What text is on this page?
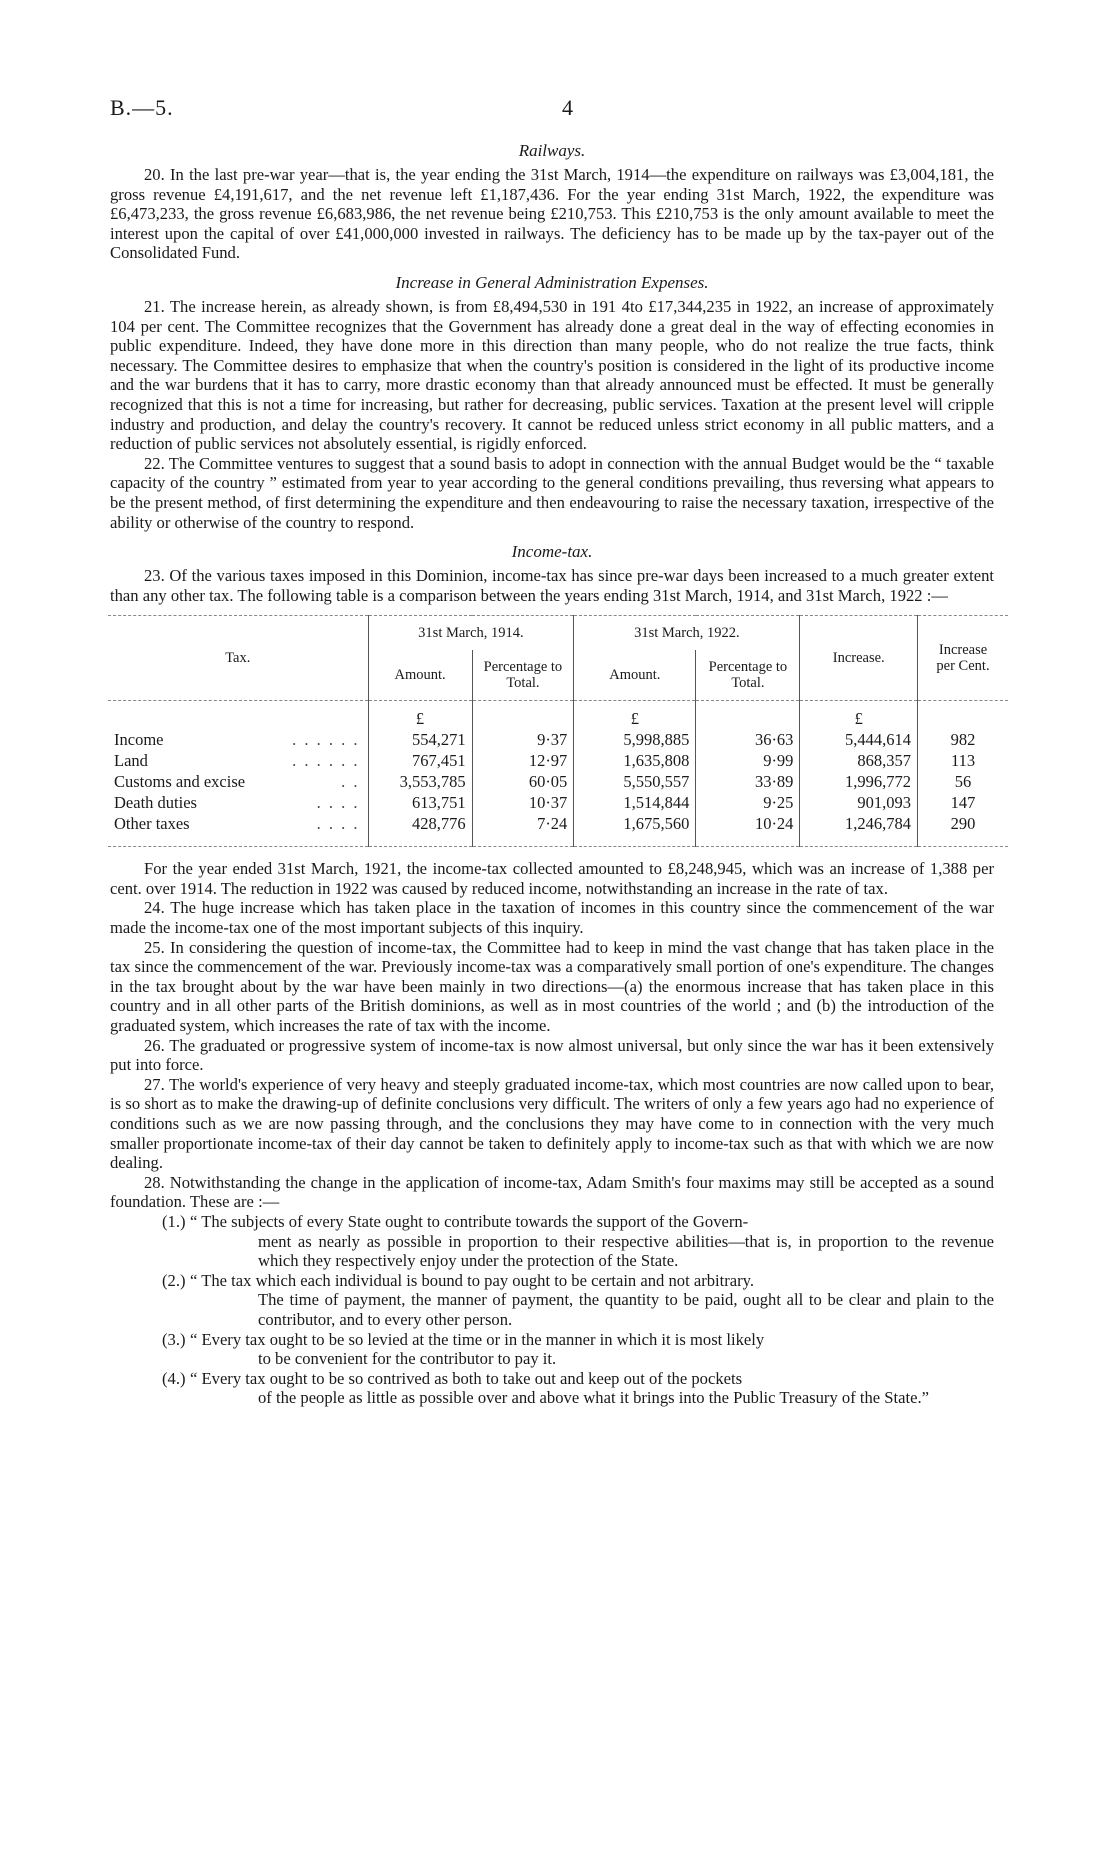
B.—5.	4
Railways.

20. In the last pre-war year—that is, the year ending the 31st March, 1914—the expenditure on railways was £3,004,181, the gross revenue £4,191,617, and the net revenue left £1,187,436. For the year ending 31st March, 1922, the expenditure was £6,473,233, the gross revenue £6,683,986, the net revenue being £210,753. This £210,753 is the only amount available to meet the interest upon the capital of over £41,000,000 invested in railways. The deficiency has to be made up by the tax-payer out of the Consolidated Fund.

Increase in General Administration Expenses.

21. The increase herein, as already shown, is from £8,494,530 in 191 4to £17,344,235 in 1922, an increase of approximately 104 per cent. The Committee recognizes that the Government has already done a great deal in the way of effecting economies in public expenditure. Indeed, they have done more in this direction than many people, who do not realize the true facts, think necessary. The Committee desires to emphasize that when the country's position is considered in the light of its productive income and the war burdens that it has to carry, more drastic economy than that already announced must be effected. It must be generally recognized that this is not a time for increasing, but rather for decreasing, public services. Taxation at the present level will cripple industry and production, and delay the country's recovery. It cannot be reduced unless strict economy in all public matters, and a reduction of public services not absolutely essential, is rigidly enforced.

22. The Committee ventures to suggest that a sound basis to adopt in connection with the annual Budget would be the “ taxable capacity of the country ” estimated from year to year according to the general conditions prevailing, thus reversing what appears to be the present method, of first determining the expenditure and then endeavouring to raise the necessary taxation, irrespective of the ability or otherwise of the country to respond.

Income-tax.

23. Of the various taxes imposed in this Dominion, income-tax has since pre-war days been increased to a much greater extent than any other tax. The following table is a comparison between the years ending 31st March, 1914, and 31st March, 1922 :—

Tax.	31st March, 1914.		31st March, 1922.		Increase.	Increase per Cent.
	Amount.	Percentage to Total.	Amount.	Percentage to Total.		
	£		£		£	
Income . . . . . .	554,271	9·37	5,998,885	36·63	5,444,614	982
Land . . . . . .	767,451	12·97	1,635,808	9·99	868,357	113
Customs and excise . .	3,553,785	60·05	5,550,557	33·89	1,996,772	56
Death duties . . . .	613,751	10·37	1,514,844	9·25	901,093	147
Other taxes . . . .	428,776	7·24	1,675,560	10·24	1,246,784	290

For the year ended 31st March, 1921, the income-tax collected amounted to £8,248,945, which was an increase of 1,388 per cent. over 1914. The reduction in 1922 was caused by reduced income, notwithstanding an increase in the rate of tax.

24. The huge increase which has taken place in the taxation of incomes in this country since the commencement of the war made the income-tax one of the most important subjects of this inquiry.

25. In considering the question of income-tax, the Committee had to keep in mind the vast change that has taken place in the tax since the commencement of the war. Previously income-tax was a comparatively small portion of one's expenditure. The changes in the tax brought about by the war have been mainly in two directions—(a) the enormous increase that has taken place in this country and in all other parts of the British dominions, as well as in most countries of the world ; and (b) the introduction of the graduated system, which increases the rate of tax with the income.

26. The graduated or progressive system of income-tax is now almost universal, but only since the war has it been extensively put into force.

27. The world's experience of very heavy and steeply graduated income-tax, which most countries are now called upon to bear, is so short as to make the drawing-up of definite conclusions very difficult. The writers of only a few years ago had no experience of conditions such as we are now passing through, and the conclusions they may have come to in connection with the very much smaller proportionate income-tax of their day cannot be taken to definitely apply to income-tax such as that with which we are now dealing.

28. Notwithstanding the change in the application of income-tax, Adam Smith's four maxims may still be accepted as a sound foundation. These are :—

(1.) “ The subjects of every State ought to contribute towards the support of the Govern-
ment as nearly as possible in proportion to their respective abilities—that is, in proportion to the revenue which they respectively enjoy under the protection of the State.
(2.) “ The tax which each individual is bound to pay ought to be certain and not arbitrary.
The time of payment, the manner of payment, the quantity to be paid, ought all to be clear and plain to the contributor, and to every other person.
(3.) “ Every tax ought to be so levied at the time or in the manner in which it is most likely
to be convenient for the contributor to pay it.
(4.) “ Every tax ought to be so contrived as both to take out and keep out of the pockets
of the people as little as possible over and above what it brings into the Public Treasury of the State.”
